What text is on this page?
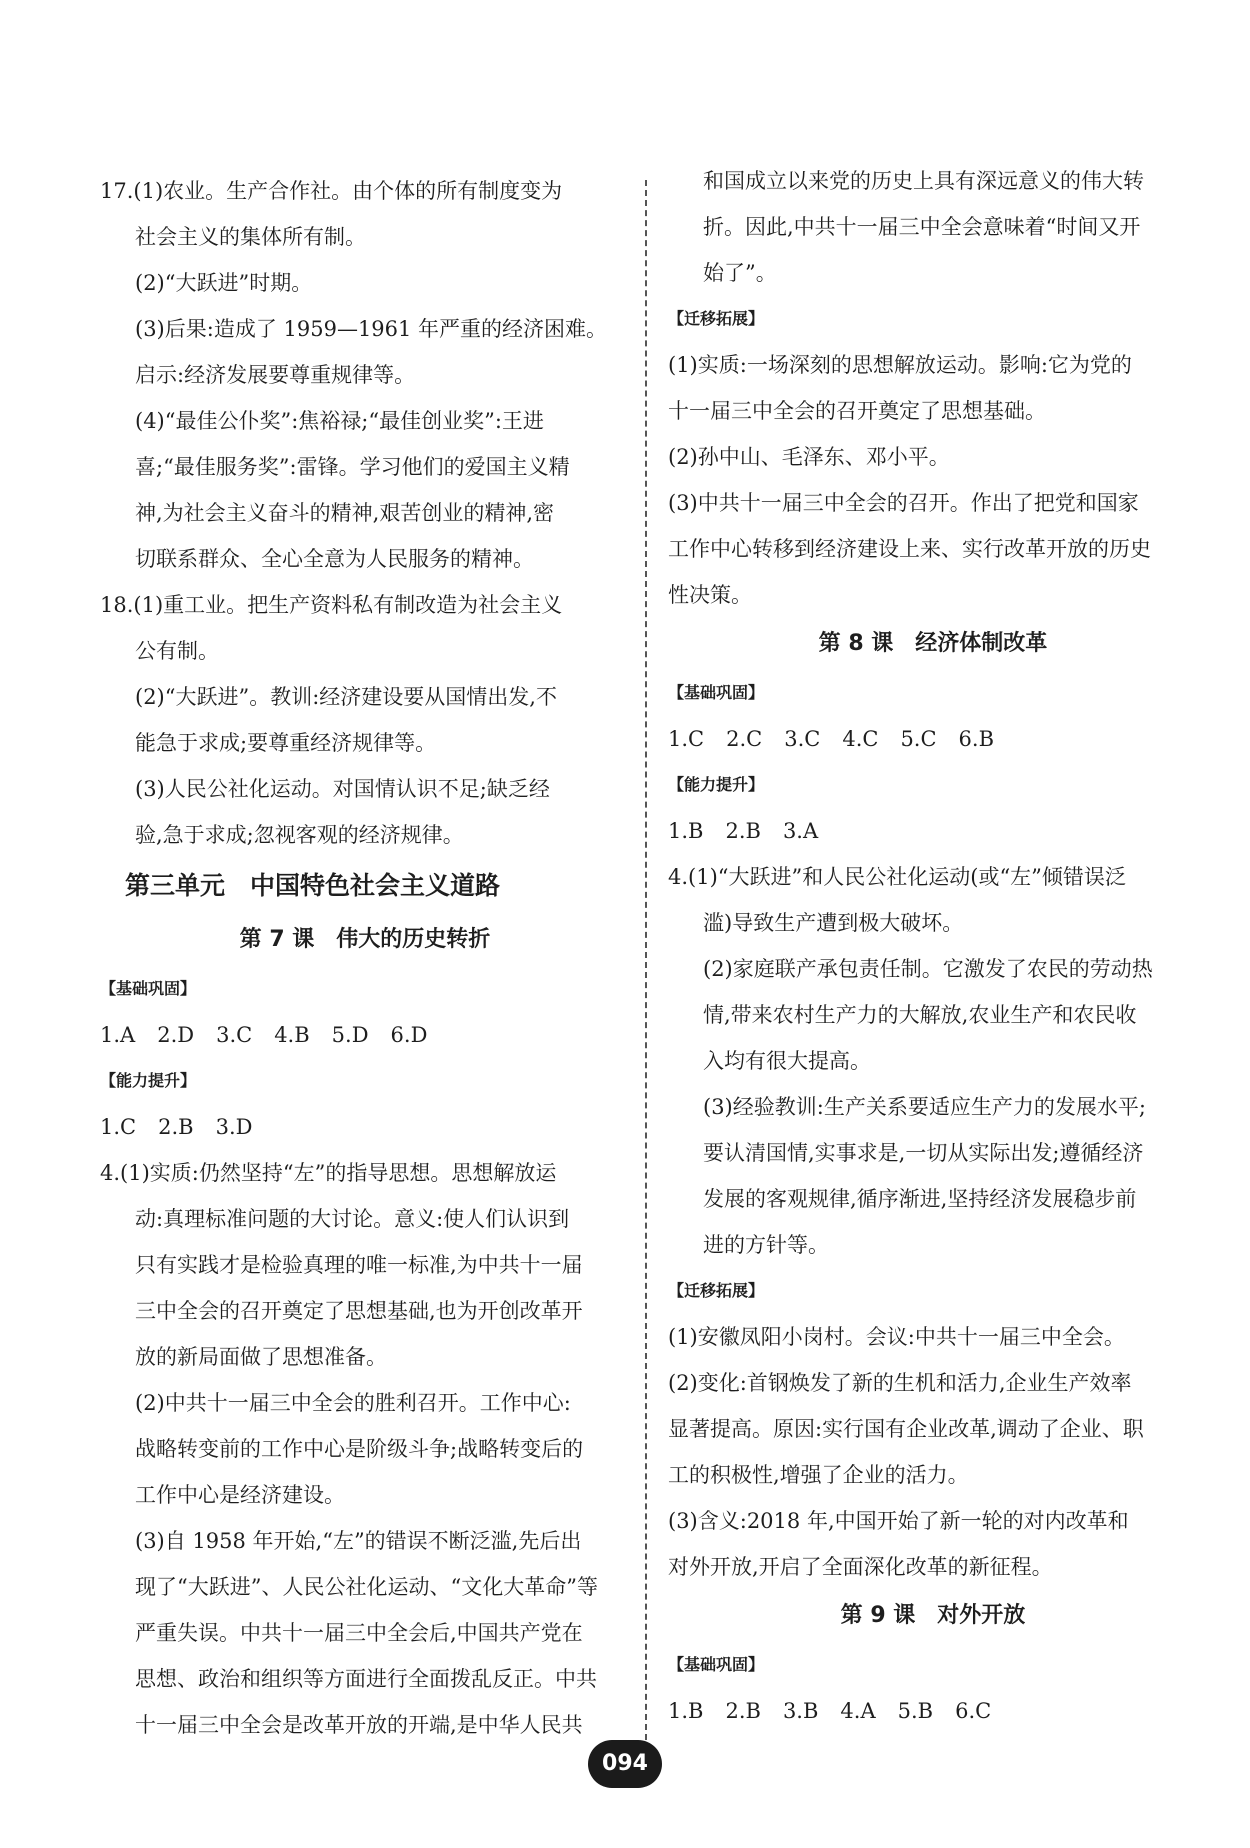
17.(1)农业。生产合作社。由个体的所有制度变为
社会主义的集体所有制。
(2)“大跃进”时期。
(3)后果:造成了 1959—1961 年严重的经济困难。
启示:经济发展要尊重规律等。
(4)“最佳公仆奖”:焦裕禄;“最佳创业奖”:王进
喜;“最佳服务奖”:雷锋。学习他们的爱国主义精
神,为社会主义奋斗的精神,艰苦创业的精神,密
切联系群众、全心全意为人民服务的精神。
18.(1)重工业。把生产资料私有制改造为社会主义
公有制。
(2)“大跃进”。教训:经济建设要从国情出发,不
能急于求成;要尊重经济规律等。
(3)人民公社化运动。对国情认识不足;缺乏经
验,急于求成;忽视客观的经济规律。
第三单元　中国特色社会主义道路
第 7 课　伟大的历史转折
【基础巩固】
1.A 2.D 3.C 4.B 5.D 6.D
【能力提升】
1.C 2.B 3.D
4.(1)实质:仍然坚持“左”的指导思想。思想解放运
动:真理标准问题的大讨论。意义:使人们认识到
只有实践才是检验真理的唯一标准,为中共十一届
三中全会的召开奠定了思想基础,也为开创改革开
放的新局面做了思想准备。
(2)中共十一届三中全会的胜利召开。工作中心:
战略转变前的工作中心是阶级斗争;战略转变后的
工作中心是经济建设。
(3)自 1958 年开始,“左”的错误不断泛滥,先后出
现了“大跃进”、人民公社化运动、“文化大革命”等
严重失误。中共十一届三中全会后,中国共产党在
思想、政治和组织等方面进行全面拨乱反正。中共
十一届三中全会是改革开放的开端,是中华人民共
和国成立以来党的历史上具有深远意义的伟大转
折。因此,中共十一届三中全会意味着“时间又开
始了”。
【迁移拓展】
(1)实质:一场深刻的思想解放运动。影响:它为党的
十一届三中全会的召开奠定了思想基础。
(2)孙中山、毛泽东、邓小平。
(3)中共十一届三中全会的召开。作出了把党和国家
工作中心转移到经济建设上来、实行改革开放的历史
性决策。
第 8 课　经济体制改革
【基础巩固】
1.C 2.C 3.C 4.C 5.C 6.B
【能力提升】
1.B 2.B 3.A
4.(1)“大跃进”和人民公社化运动(或“左”倾错误泛
滥)导致生产遭到极大破坏。
(2)家庭联产承包责任制。它激发了农民的劳动热
情,带来农村生产力的大解放,农业生产和农民收
入均有很大提高。
(3)经验教训:生产关系要适应生产力的发展水平;
要认清国情,实事求是,一切从实际出发;遵循经济
发展的客观规律,循序渐进,坚持经济发展稳步前
进的方针等。
【迁移拓展】
(1)安徽凤阳小岗村。会议:中共十一届三中全会。
(2)变化:首钢焕发了新的生机和活力,企业生产效率
显著提高。原因:实行国有企业改革,调动了企业、职
工的积极性,增强了企业的活力。
(3)含义:2018 年,中国开始了新一轮的对内改革和
对外开放,开启了全面深化改革的新征程。
第 9 课　对外开放
【基础巩固】
1.B 2.B 3.B 4.A 5.B 6.C
094
